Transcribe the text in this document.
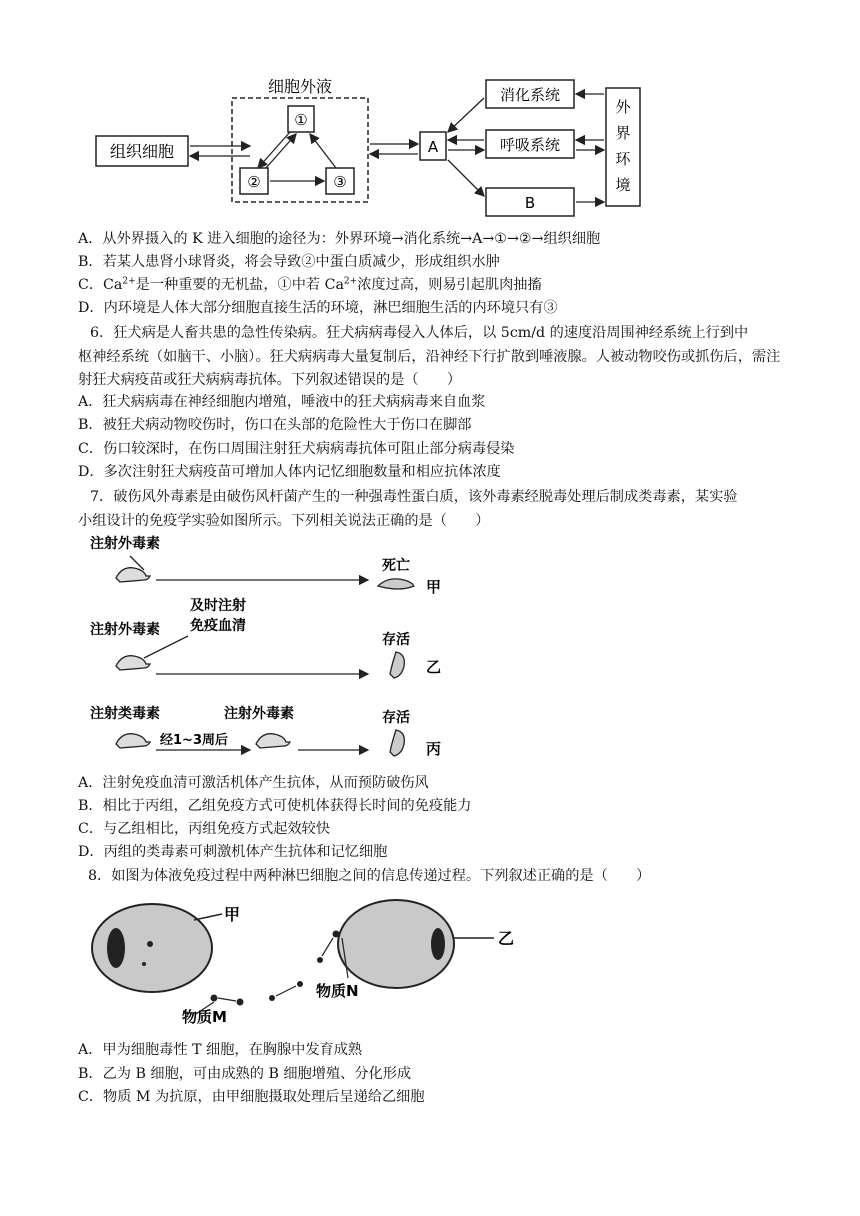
细胞外液
组织细胞
①
②	③
A
消化系统
呼吸系统
B
外
界
环
境
A．从外界摄入的 K 进入细胞的途径为：外界环境→消化系统→A→①→②→组织细胞
B．若某人患肾小球肾炎，将会导致②中蛋白质减少，形成组织水肿
C．$Ca^{2+}$是一种重要的无机盐，①中若 $Ca^{2+}$浓度过高，则易引起肌肉抽搐
D．内环境是人体大部分细胞直接生活的环境，淋巴细胞生活的内环境只有③
6．狂犬病是人畜共患的急性传染病。狂犬病病毒侵入人体后，以 5cm/d 的速度沿周围神经系统上行到中
枢神经系统（如脑干、小脑）。狂犬病病毒大量复制后，沿神经下行扩散到唾液腺。人被动物咬伤或抓伤后，需注射狂犬病疫苗或狂犬病病毒抗体。下列叙述错误的是（　　）
A．狂犬病病毒在神经细胞内增殖，唾液中的狂犬病病毒来自血浆
B．被狂犬病动物咬伤时，伤口在头部的危险性大于伤口在脚部
C．伤口较深时，在伤口周围注射狂犬病病毒抗体可阻止部分病毒侵染
D．多次注射狂犬病疫苗可增加人体内记忆细胞数量和相应抗体浓度
7．破伤风外毒素是由破伤风杆菌产生的一种强毒性蛋白质，该外毒素经脱毒处理后制成类毒素，某实验
小组设计的免疫学实验如图所示。下列相关说法正确的是（　　）
注射外毒素
死亡
甲
注射外毒素
及时注射
免疫血清
存活
乙
注射类毒素	注射外毒素
经1~3周后
存活
丙
A．注射免疫血清可激活机体产生抗体，从而预防破伤风
B．相比于丙组，乙组免疫方式可使机体获得长时间的免疫能力
C．与乙组相比，丙组免疫方式起效较快
D．丙组的类毒素可刺激机体产生抗体和记忆细胞
8．如图为体液免疫过程中两种淋巴细胞之间的信息传递过程。下列叙述正确的是（　　）
甲
乙
物质M
物质N
A．甲为细胞毒性 T 细胞，在胸腺中发育成熟
B．乙为 B 细胞，可由成熟的 B 细胞增殖、分化形成
C．物质 M 为抗原，由甲细胞摄取处理后呈递给乙细胞
